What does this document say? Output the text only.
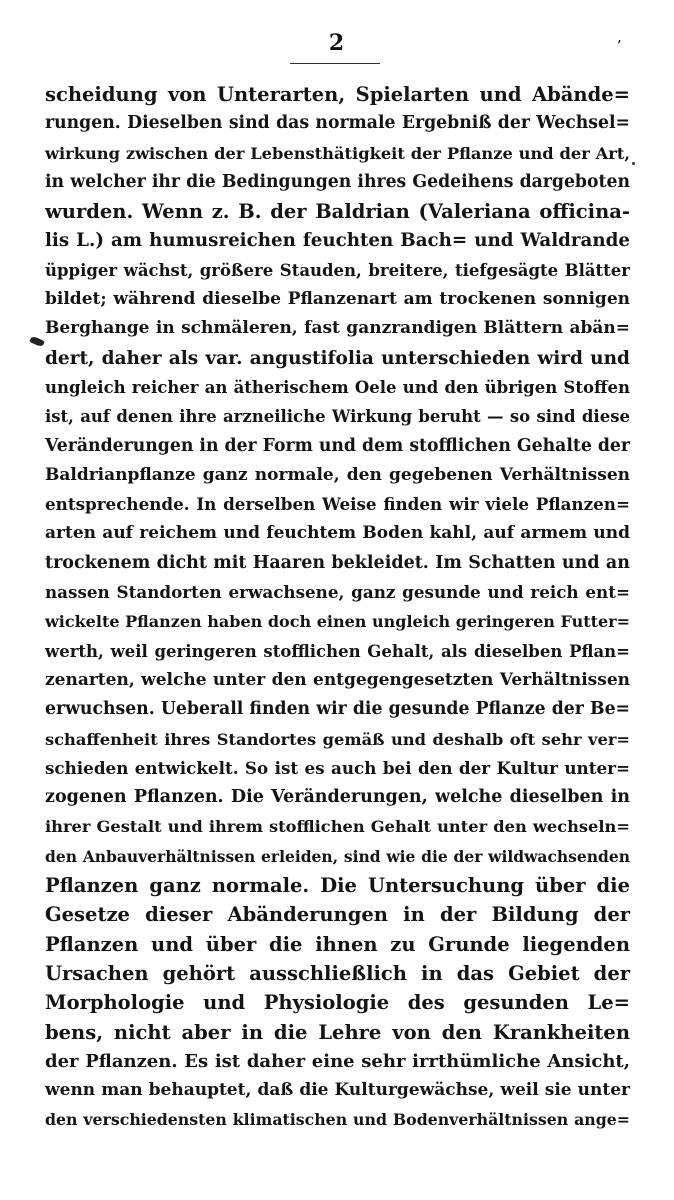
2	ʼ
scheidung von Unterarten, Spielarten und Abände=
rungen. Dieselben sind das normale Ergebniß der Wechsel=
wirkung zwischen der Lebensthätigkeit der Pflanze und der Art,
in welcher ihr die Bedingungen ihres Gedeihens dargeboten
wurden. Wenn z. B. der Baldrian (Valeriana officina-
lis L.) am humusreichen feuchten Bach= und Waldrande
üppiger wächst, größere Stauden, breitere, tiefgesägte Blätter
bildet; während dieselbe Pflanzenart am trockenen sonnigen
Berghange in schmäleren, fast ganzrandigen Blättern abän=
dert, daher als var. angustifolia unterschieden wird und
ungleich reicher an ätherischem Oele und den übrigen Stoffen
ist, auf denen ihre arzneiliche Wirkung beruht — so sind diese
Veränderungen in der Form und dem stofflichen Gehalte der
Baldrianpflanze ganz normale, den gegebenen Verhältnissen
entsprechende. In derselben Weise finden wir viele Pflanzen=
arten auf reichem und feuchtem Boden kahl, auf armem und
trockenem dicht mit Haaren bekleidet. Im Schatten und an
nassen Standorten erwachsene, ganz gesunde und reich ent=
wickelte Pflanzen haben doch einen ungleich geringeren Futter=
werth, weil geringeren stofflichen Gehalt, als dieselben Pflan=
zenarten, welche unter den entgegengesetzten Verhältnissen
erwuchsen. Ueberall finden wir die gesunde Pflanze der Be=
schaffenheit ihres Standortes gemäß und deshalb oft sehr ver=
schieden entwickelt. So ist es auch bei den der Kultur unter=
zogenen Pflanzen. Die Veränderungen, welche dieselben in
ihrer Gestalt und ihrem stofflichen Gehalt unter den wechseln=
den Anbauverhältnissen erleiden, sind wie die der wildwachsenden
Pflanzen ganz normale. Die Untersuchung über die
Gesetze dieser Abänderungen in der Bildung der
Pflanzen und über die ihnen zu Grunde liegenden
Ursachen gehört ausschließlich in das Gebiet der
Morphologie und Physiologie des gesunden Le=
bens, nicht aber in die Lehre von den Krankheiten
der Pflanzen. Es ist daher eine sehr irrthümliche Ansicht,
wenn man behauptet, daß die Kulturgewächse, weil sie unter
den verschiedensten klimatischen und Bodenverhältnissen ange=
